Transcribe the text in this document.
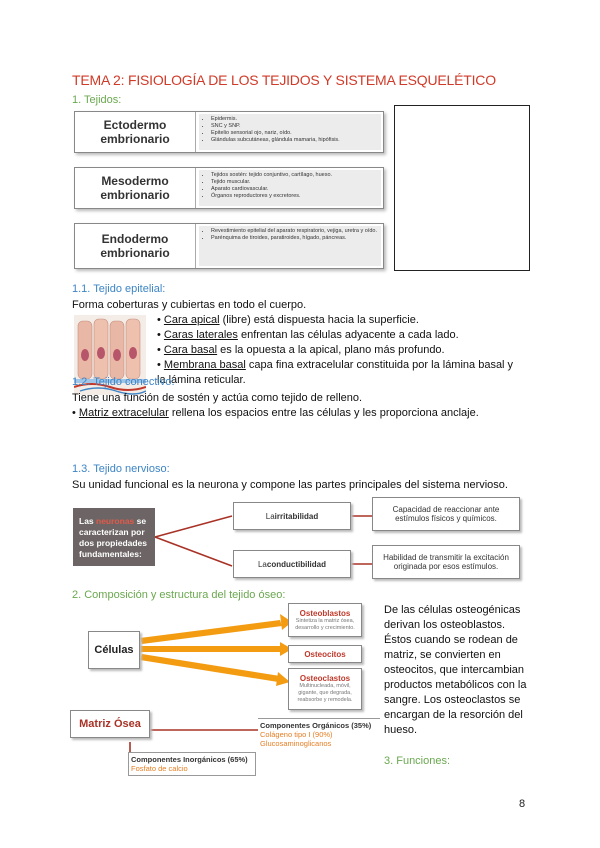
TEMA 2: FISIOLOGÍA DE LOS TEJIDOS Y SISTEMA ESQUELÉTICO
1. Tejidos:
Ectodermo
embrionario
• Epidermis.
• SNC y SNP.
• Epitelio sensorial ojo, nariz, oído.
• Glándulas subcutáneas, glándula mamaria, hipófisis.
Mesodermo
embrionario
• Tejidos sostén: tejido conjuntivo, cartílago, hueso.
• Tejido muscular.
• Aparato cardiovascular.
• Órganos reproductores y excretores.
Endodermo
embrionario
• Revestimiento epitelial del aparato respiratorio, vejiga, uretra y oído.
• Parénquima de tiroides, paratiroides, hígado, páncreas.
1.1. Tejido epitelial:
Forma coberturas y cubiertas en todo el cuerpo.
• Cara apical (libre) está dispuesta hacia la superficie.
• Caras laterales enfrentan las células adyacente a cada lado.
• Cara basal es la opuesta a la apical, plano más profundo.
• Membrana basal capa fina extracelular constituida por la lámina basal y
la lámina reticular.
1.2. Tejido conectivo:
Tiene una función de sostén y actúa como tejido de relleno.
• Matriz extracelular rellena los espacios entre las células y les proporciona anclaje.
1.3. Tejido nervioso:
Su unidad funcional es la neurona y compone las partes principales del sistema nervioso.
Las neuronas se caracterizan por dos propiedades fundamentales:
La irritabilidad
La conductibilidad
Capacidad de reaccionar ante estímulos físicos y químicos.
Habilidad de transmitir la excitación originada por esos estímulos.
2. Composición y estructura del tejido óseo:
Células
Osteoblastos
Sintetiza la matriz ósea, desarrollo y crecimiento.
Osteocitos
Osteoclastos
Multinucleada, móvil, gigante, que degrada, reabsorbe y remodela.
Matriz Ósea	Componentes Orgánicos (35%)
Colágeno tipo I (90%)
Glucosaminoglicanos
Componentes Inorgánicos (65%)
Fosfato de calcio
De las células osteogénicas derivan los osteoblastos. Éstos cuando se rodean de matriz, se convierten en osteocitos, que intercambian productos metabólicos con la sangre. Los osteoclastos se encargan de la resorción del hueso.
3. Funciones:
8
